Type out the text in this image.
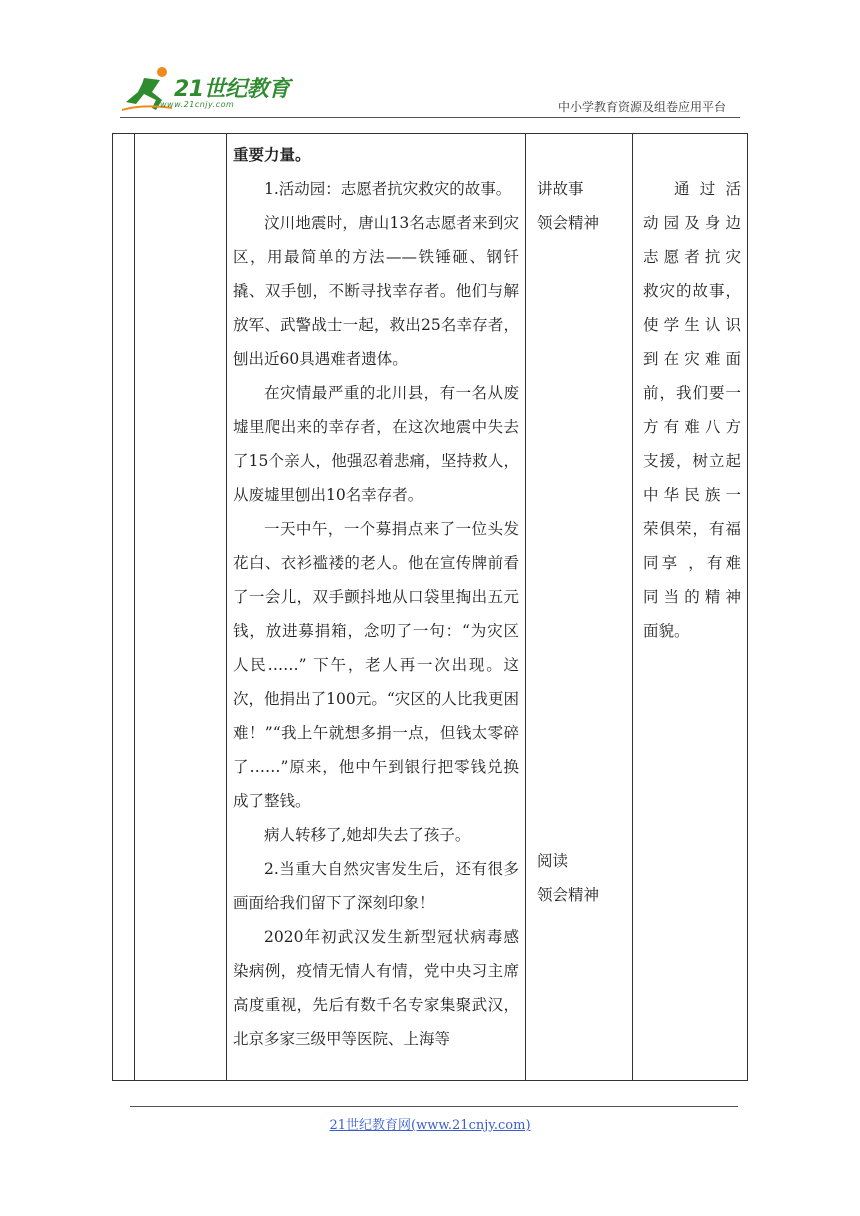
21世纪教育
www.21cnjy.com	中小学教育资源及组卷应用平台

重要力量。

1.活动园：志愿者抗灾救灾的故事。

汶川地震时，唐山13名志愿者来到灾区，用最简单的方法——铁锤砸、钢钎撬、双手刨，不断寻找幸存者。他们与解放军、武警战士一起，救出25名幸存者，刨出近60具遇难者遗体。

在灾情最严重的北川县，有一名从废墟里爬出来的幸存者，在这次地震中失去了15个亲人，他强忍着悲痛，坚持救人，从废墟里刨出10名幸存者。

一天中午，一个募捐点来了一位头发花白、衣衫褴褛的老人。他在宣传牌前看了一会儿，双手颤抖地从口袋里掏出五元钱，放进募捐箱，念叨了一句：“为灾区人民……” 下午，老人再一次出现。这次，他捐出了100元。“灾区的人比我更困难！”“我上午就想多捐一点，但钱太零碎了……”原来，他中午到银行把零钱兑换成了整钱。

病人转移了,她却失去了孩子。

2.当重大自然灾害发生后，还有很多画面给我们留下了深刻印象！

2020年初武汉发生新型冠状病毒感染病例，疫情无情人有情，党中央习主席高度重视，先后有数千名专家集聚武汉，北京多家三级甲等医院、上海等

讲故事
领会精神
阅读
领会精神
通过活
动园及身边
志愿者抗灾
救灾的故事，
使学生认识
到在灾难面
前，我们要一
方有难八方
支援，树立起
中华民族一
荣俱荣，有福
同享 ，有难
同当的精神
面貌。
21世纪教育网(www.21cnjy.com)
